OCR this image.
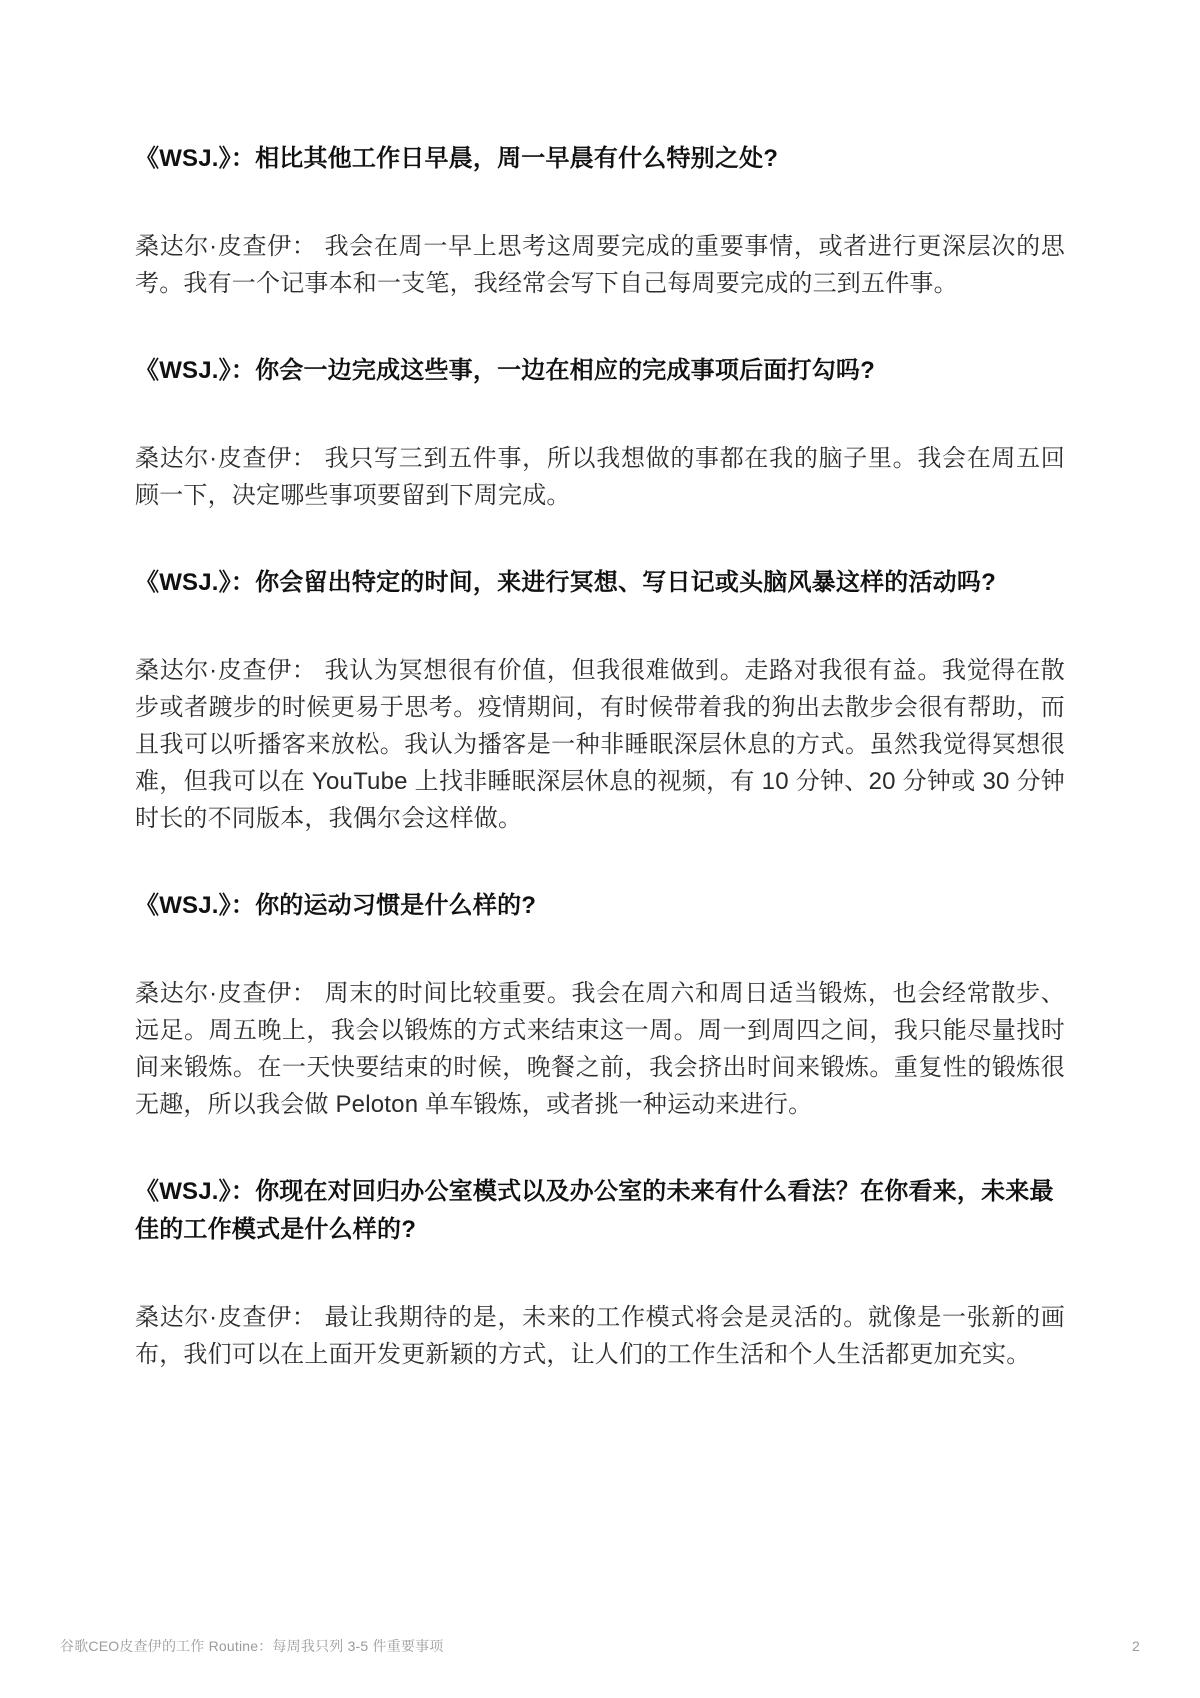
《WSJ.》：相比其他工作日早晨，周一早晨有什么特别之处?

桑达尔·皮查伊： 我会在周一早上思考这周要完成的重要事情，或者进行更深层次的思考。我有一个记事本和一支笔，我经常会写下自己每周要完成的三到五件事。

《WSJ.》：你会一边完成这些事，一边在相应的完成事项后面打勾吗?

桑达尔·皮查伊： 我只写三到五件事，所以我想做的事都在我的脑子里。我会在周五回顾一下，决定哪些事项要留到下周完成。

《WSJ.》：你会留出特定的时间，来进行冥想、写日记或头脑风暴这样的活动吗?

桑达尔·皮查伊： 我认为冥想很有价值，但我很难做到。走路对我很有益。我觉得在散步或者踱步的时候更易于思考。疫情期间，有时候带着我的狗出去散步会很有帮助，而且我可以听播客来放松。我认为播客是一种非睡眠深层休息的方式。虽然我觉得冥想很难，但我可以在 YouTube 上找非睡眠深层休息的视频，有 10 分钟、20 分钟或 30 分钟时长的不同版本，我偶尔会这样做。

《WSJ.》：你的运动习惯是什么样的?

桑达尔·皮查伊： 周末的时间比较重要。我会在周六和周日适当锻炼，也会经常散步、远足。周五晚上，我会以锻炼的方式来结束这一周。周一到周四之间，我只能尽量找时间来锻炼。在一天快要结束的时候，晚餐之前，我会挤出时间来锻炼。重复性的锻炼很无趣，所以我会做 Peloton 单车锻炼，或者挑一种运动来进行。

《WSJ.》：你现在对回归办公室模式以及办公室的未来有什么看法？在你看来，未来最佳的工作模式是什么样的?

桑达尔·皮查伊： 最让我期待的是，未来的工作模式将会是灵活的。就像是一张新的画布，我们可以在上面开发更新颖的方式，让人们的工作生活和个人生活都更加充实。

谷歌CEO皮查伊的工作 Routine：每周我只列 3-5 件重要事项	2
